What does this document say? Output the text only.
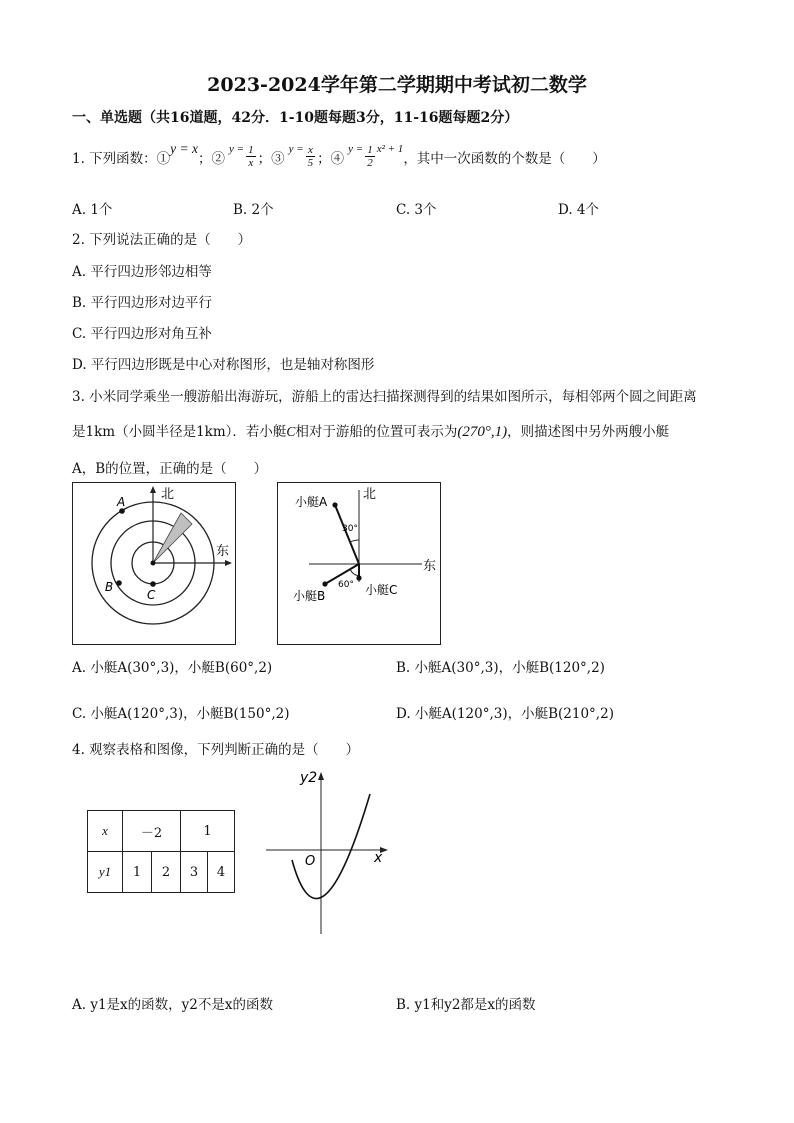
2023-2024学年第二学期期中考试初二数学
一、单选题（共16道题，42分．1-10题每题3分，11-16题每题2分）
1. 下列函数：①
y = x
；②
$y = \frac{1}{x}$ ；③
$y = \frac{x}{5}$ ；④
$y = \frac{1}{2} x^2 + 1$
，其中一次函数的个数是（　　）
A. 1个	B. 2个	C. 3个	D. 4个
2. 下列说法正确的是（　　）
A. 平行四边形邻边相等
B. 平行四边形对边平行
C. 平行四边形对角互补
D. 平行四边形既是中心对称图形，也是轴对称图形
3. 小米同学乘坐一艘游船出海游玩，游船上的雷达扫描探测得到的结果如图所示，每相邻两个圆之间距离
是1km（小圆半径是1km）．若小艇C相对于游船的位置可表示为(270°,1)，则描述图中另外两艘小艇
A，B的位置，正确的是（　　）
北
东
A
B
C
北
东
小艇A
小艇B	小艇C
30°
60°
A. 小艇A(30°,3)，小艇B(60°,2)	B. 小艇A(30°,3)，小艇B(120°,2)
C. 小艇A(120°,3)，小艇B(150°,2)	D. 小艇A(120°,3)，小艇B(210°,2)
4. 观察表格和图像，下列判断正确的是（　　）
x	－2		1	
y1	1	2	3	4
y2
x
O
A. y1是x的函数，y2不是x的函数	B. y1和y2都是x的函数
